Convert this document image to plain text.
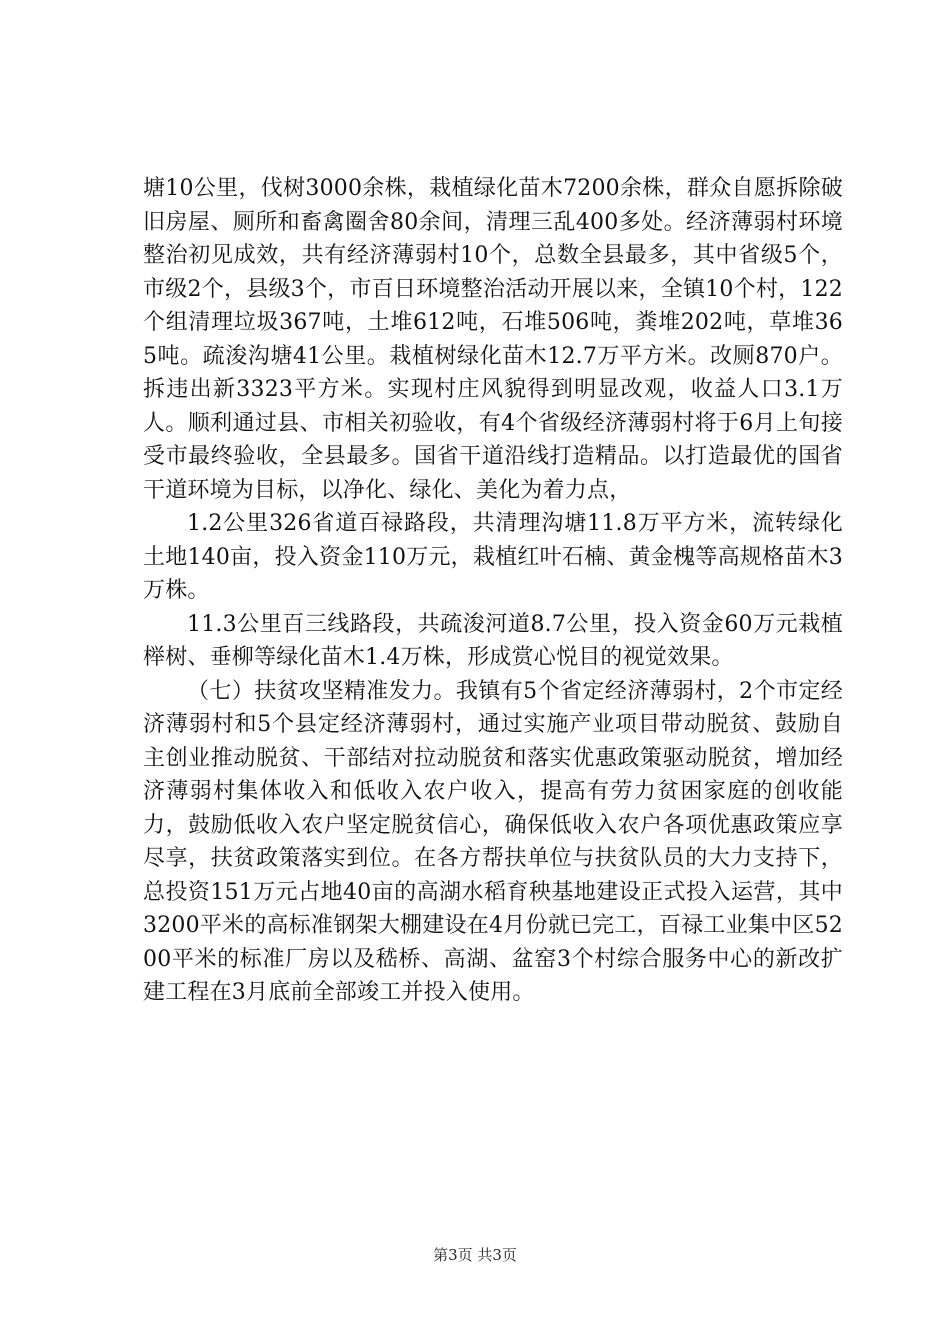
塘10公里，伐树3000余株，栽植绿化苗木7200余株，群众自愿拆除破旧房屋、厕所和畜禽圈舍80余间，清理三乱400多处。经济薄弱村环境整治初见成效，共有经济薄弱村10个，总数全县最多，其中省级5个，市级2个，县级3个，市百日环境整治活动开展以来，全镇10个村，122个组清理垃圾367吨，土堆612吨，石堆506吨，粪堆202吨，草堆365吨。疏浚沟塘41公里。栽植树绿化苗木12.7万平方米。改厕870户。拆违出新3323平方米。实现村庄风貌得到明显改观，收益人口3.1万人。顺利通过县、市相关初验收，有4个省级经济薄弱村将于6月上旬接受市最终验收，全县最多。国省干道沿线打造精品。以打造最优的国省干道环境为目标，以净化、绿化、美化为着力点，

1.2公里326省道百禄路段，共清理沟塘11.8万平方米，流转绿化土地140亩，投入资金110万元，栽植红叶石楠、黄金槐等高规格苗木3万株。

11.3公里百三线路段，共疏浚河道8.7公里，投入资金60万元栽植榉树、垂柳等绿化苗木1.4万株，形成赏心悦目的视觉效果。

（七）扶贫攻坚精准发力。我镇有5个省定经济薄弱村，2个市定经济薄弱村和5个县定经济薄弱村，通过实施产业项目带动脱贫、鼓励自主创业推动脱贫、干部结对拉动脱贫和落实优惠政策驱动脱贫，增加经济薄弱村集体收入和低收入农户收入，提高有劳力贫困家庭的创收能力，鼓励低收入农户坚定脱贫信心，确保低收入农户各项优惠政策应享尽享，扶贫政策落实到位。在各方帮扶单位与扶贫队员的大力支持下，总投资151万元占地40亩的高湖水稻育秧基地建设正式投入运营，其中3200平米的高标准钢架大棚建设在4月份就已完工，百禄工业集中区5200平米的标准厂房以及嵇桥、高湖、盆窑3个村综合服务中心的新改扩建工程在3月底前全部竣工并投入使用。

第3页 共3页
